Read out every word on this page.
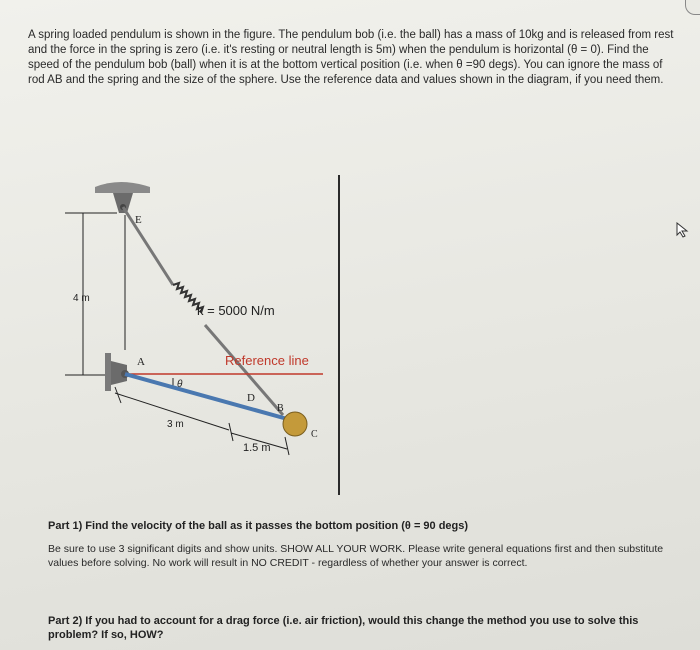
A spring loaded pendulum is shown in the figure. The pendulum bob (i.e. the ball) has a mass of 10kg and is released from rest and the force in the spring is zero (i.e. it's resting or neutral length is 5m) when the pendulum is horizontal (θ = 0). Find the speed of the pendulum bob (ball) when it is at the bottom vertical position (i.e. when θ =90 degs). You can ignore the mass of rod AB and the spring and the size of the sphere. Use the reference data and values shown in the diagram, if you need them.

E
4 m
A
k = 5000 N/m
Reference line
θ
D
B
C
3 m
1.5 m

Part 1) Find the velocity of the ball as it passes the bottom position (θ = 90 degs)

Be sure to use 3 significant digits and show units. SHOW ALL YOUR WORK. Please write general equations first and then substitute values before solving. No work will result in NO CREDIT - regardless of whether your answer is correct.

Part 2) If you had to account for a drag force (i.e. air friction), would this change the method you use to solve this problem? If so, HOW?
